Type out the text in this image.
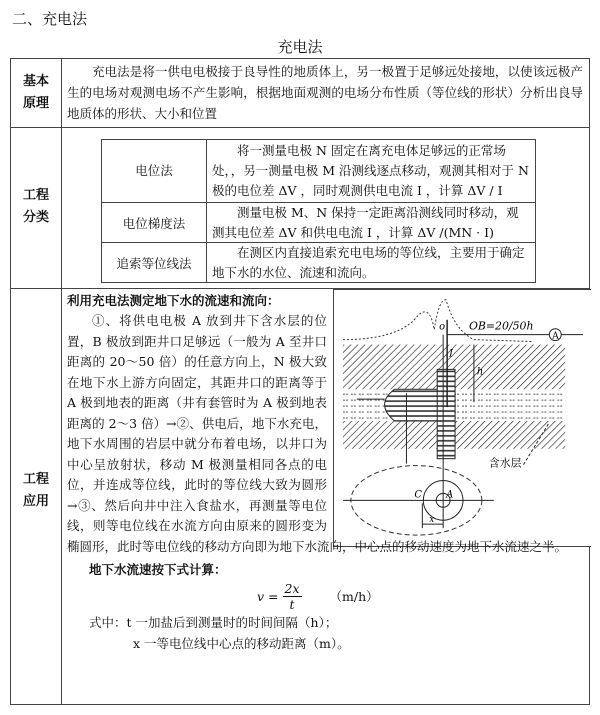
二、充电法
充电法
基本
原理
充电法是将一供电电极接于良导性的地质体上，另一极置于足够远处接地，以使该远极产生的电场对观测电场不产生影响，根据地面观测的电场分布性质（等位线的形状）分析出良导地质体的形状、大小和位置
工程
分类
电位法
将一测量电极 N 固定在离充电体足够远的正常场处，，另一测量电极 M 沿测线逐点移动，观测其相对于 N 极的电位差 ΔV ，同时观测供电电流 I ，计算 ΔV / I
电位梯度法
测量电极 M、N 保持一定距离沿测线同时移动，观测其电位差 ΔV 和供电电流 I ，计算 ΔV /(MN · I)
追索等位线法
在测区内直接追索充电电场的等位线，主要用于确定地下水的水位、流速和流向。
工程
应用
A
o OB=20/50h
h
I
含水层
C A
x
利用充电法测定地下水的流速和流向：
①、将供电电极 A 放到井下含水层的位置，B 极放到距井口足够远（一般为 A 至井口距离的 20～50 倍）的任意方向上，N 极大致在地下水上游方向固定，其距井口的距离等于 A 极到地表的距离（井有套管时为 A 极到地表距离的 2～3 倍）→②、供电后，地下水充电，地下水周围的岩层中就分布着电场，以井口为中心呈放射状，移动 M 极测量相同各点的电位，并连成等位线，此时的等位线大致为圆形→③、然后向井中注入食盐水，再测量等电位线，则等电位线在水流方向由原来的圆形变为椭圆形，此时等电位线的移动方向即为地下水流向，中心点的移动速度为地下水流速之半。
地下水流速按下式计算：
$v = \frac{2x}{t} (m/h)$
式中：t 一加盐后到测量时的时间间隔（h）；
x 一等电位线中心点的移动距离（m）。
